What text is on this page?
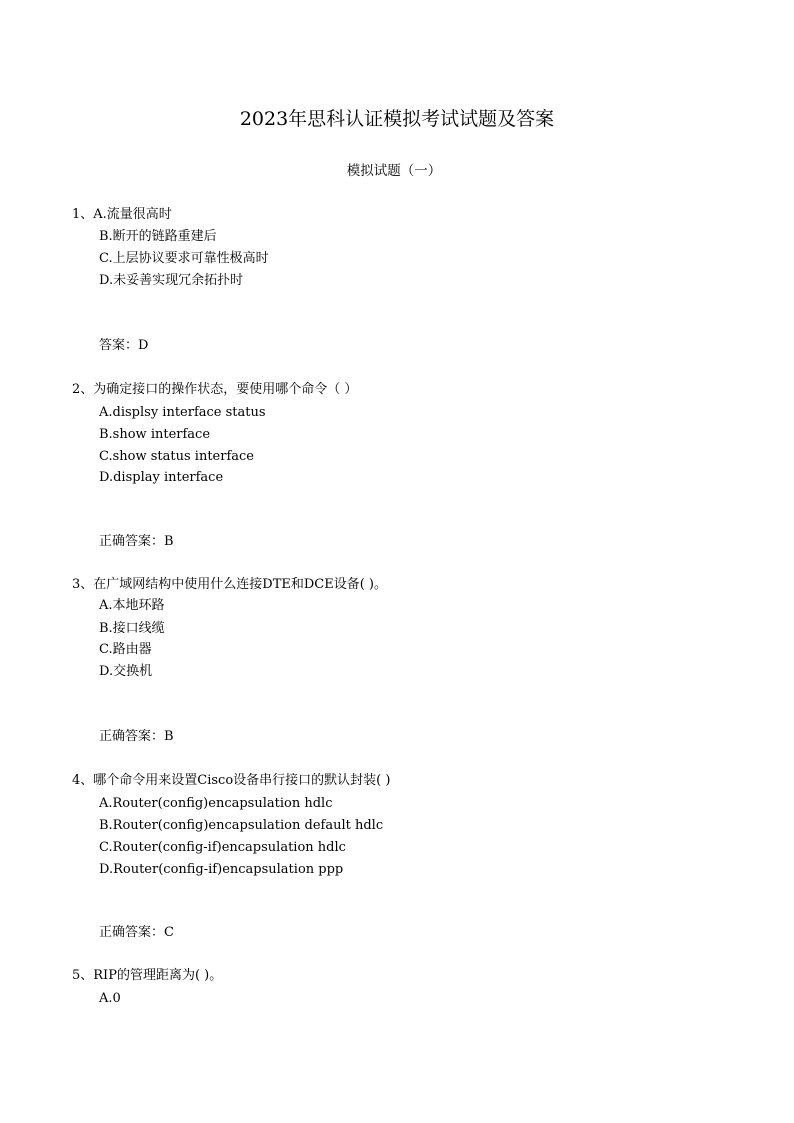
2023年思科认证模拟考试试题及答案
模拟试题（一）
1、A.流量很高时
B.断开的链路重建后
C.上层协议要求可靠性极高时
D.未妥善实现冗余拓扑时
答案：D
2、为确定接口的操作状态，要使用哪个命令（ ）
A.displsy interface status
B.show interface
C.show status interface
D.display interface
正确答案：B
3、在广域网结构中使用什么连接DTE和DCE设备( )。
A.本地环路
B.接口线缆
C.路由器
D.交换机
正确答案：B
4、哪个命令用来设置Cisco设备串行接口的默认封装( )
A.Router(config)encapsulation hdlc
B.Router(config)encapsulation default hdlc
C.Router(config-if)encapsulation hdlc
D.Router(config-if)encapsulation ppp
正确答案：C
5、RIP的管理距离为( )。
A.0
